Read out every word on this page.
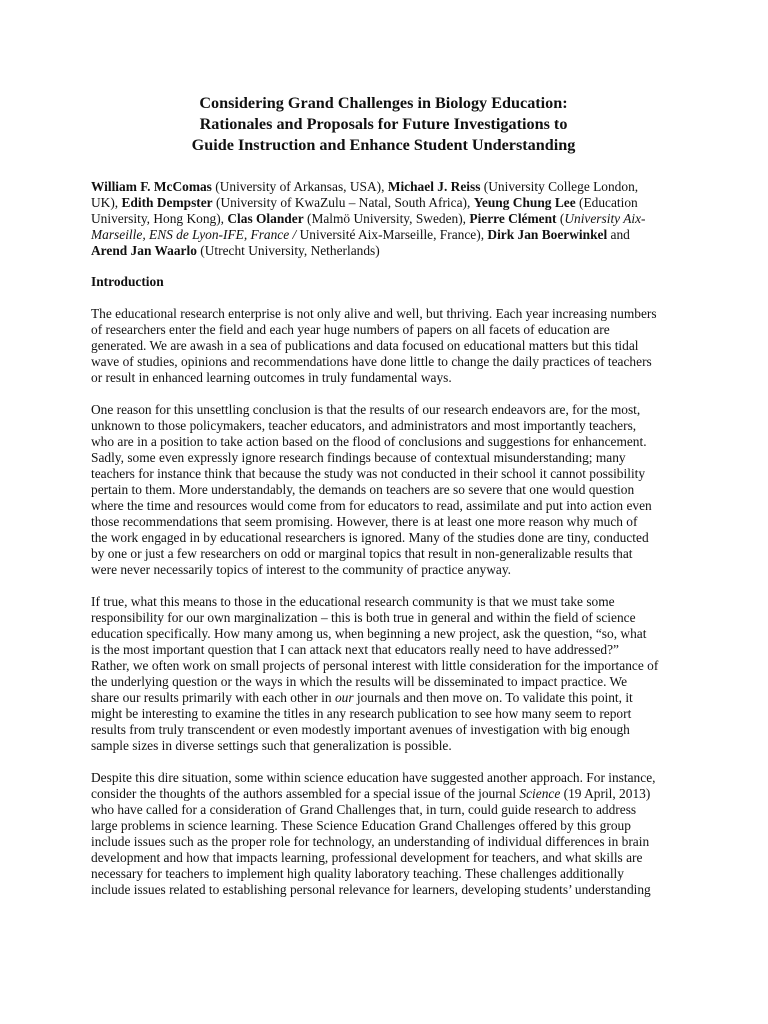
Considering Grand Challenges in Biology Education:
Rationales and Proposals for Future Investigations to
Guide Instruction and Enhance Student Understanding

William F. McComas (University of Arkansas, USA), Michael J. Reiss (University College London,
UK), Edith Dempster (University of KwaZulu – Natal, South Africa), Yeung Chung Lee (Education
University, Hong Kong), Clas Olander (Malmö University, Sweden), Pierre Clément (University Aix-
Marseille, ENS de Lyon-IFE, France / Université Aix-Marseille, France), Dirk Jan Boerwinkel and
Arend Jan Waarlo (Utrecht University, Netherlands)

Introduction

The educational research enterprise is not only alive and well, but thriving. Each year increasing numbers
of researchers enter the field and each year huge numbers of papers on all facets of education are
generated. We are awash in a sea of publications and data focused on educational matters but this tidal
wave of studies, opinions and recommendations have done little to change the daily practices of teachers
or result in enhanced learning outcomes in truly fundamental ways.

One reason for this unsettling conclusion is that the results of our research endeavors are, for the most,
unknown to those policymakers, teacher educators, and administrators and most importantly teachers,
who are in a position to take action based on the flood of conclusions and suggestions for enhancement.
Sadly, some even expressly ignore research findings because of contextual misunderstanding; many
teachers for instance think that because the study was not conducted in their school it cannot possibility
pertain to them. More understandably, the demands on teachers are so severe that one would question
where the time and resources would come from for educators to read, assimilate and put into action even
those recommendations that seem promising. However, there is at least one more reason why much of
the work engaged in by educational researchers is ignored. Many of the studies done are tiny, conducted
by one or just a few researchers on odd or marginal topics that result in non-generalizable results that
were never necessarily topics of interest to the community of practice anyway.

If true, what this means to those in the educational research community is that we must take some
responsibility for our own marginalization – this is both true in general and within the field of science
education specifically. How many among us, when beginning a new project, ask the question, “so, what
is the most important question that I can attack next that educators really need to have addressed?”
Rather, we often work on small projects of personal interest with little consideration for the importance of
the underlying question or the ways in which the results will be disseminated to impact practice. We
share our results primarily with each other in our journals and then move on. To validate this point, it
might be interesting to examine the titles in any research publication to see how many seem to report
results from truly transcendent or even modestly important avenues of investigation with big enough
sample sizes in diverse settings such that generalization is possible.

Despite this dire situation, some within science education have suggested another approach. For instance,
consider the thoughts of the authors assembled for a special issue of the journal Science (19 April, 2013)
who have called for a consideration of Grand Challenges that, in turn, could guide research to address
large problems in science learning. These Science Education Grand Challenges offered by this group
include issues such as the proper role for technology, an understanding of individual differences in brain
development and how that impacts learning, professional development for teachers, and what skills are
necessary for teachers to implement high quality laboratory teaching. These challenges additionally
include issues related to establishing personal relevance for learners, developing students’ understanding
